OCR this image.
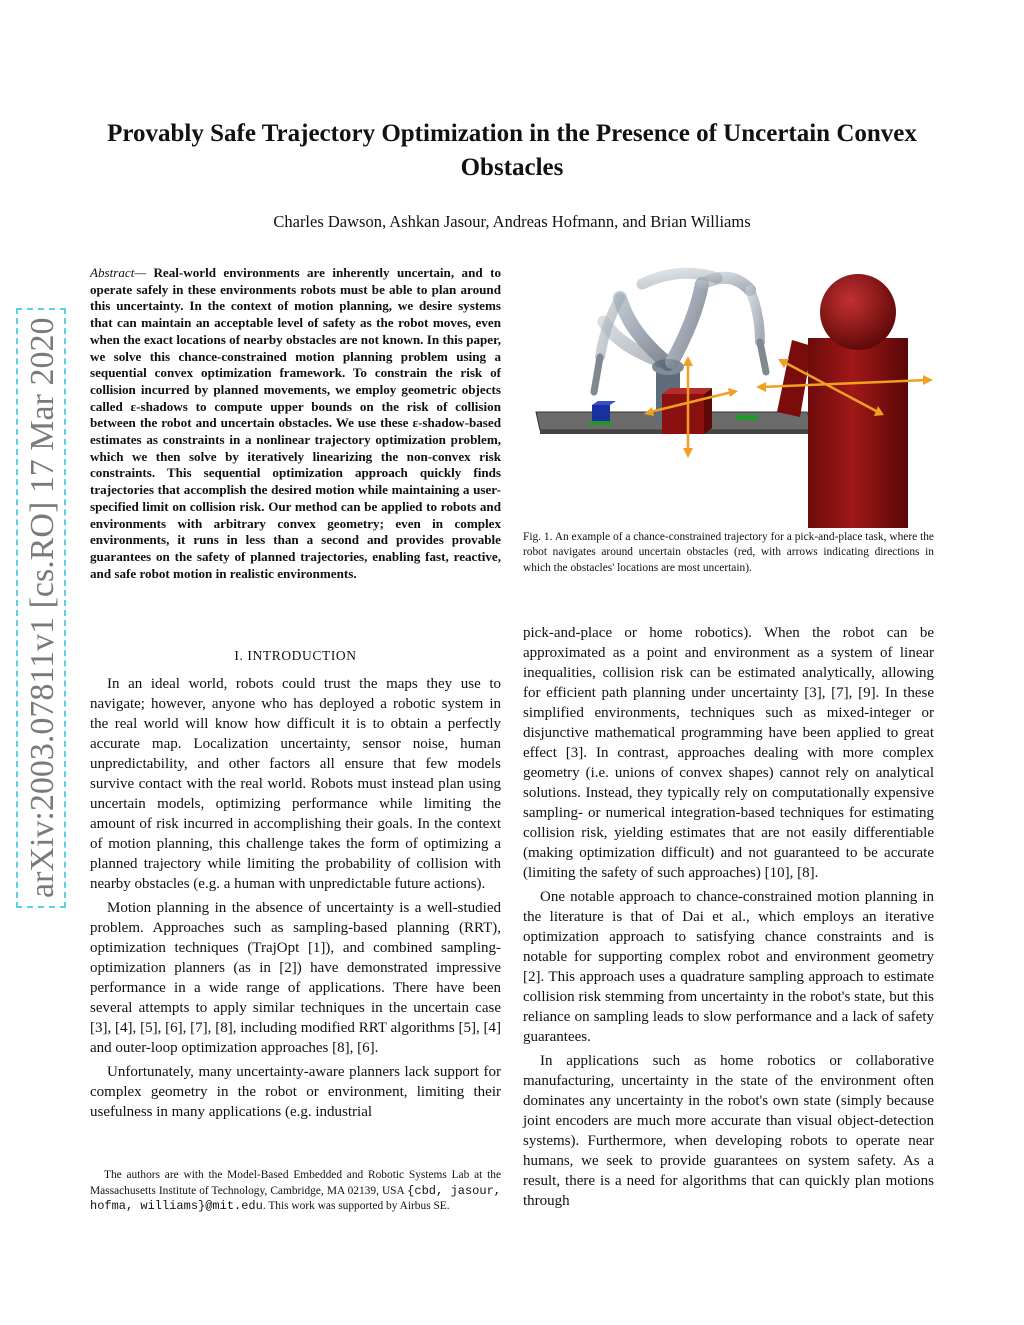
Provably Safe Trajectory Optimization in the Presence of Uncertain Convex Obstacles
Charles Dawson, Ashkan Jasour, Andreas Hofmann, and Brian Williams
arXiv:2003.07811v1 [cs.RO] 17 Mar 2020
Abstract— Real-world environments are inherently uncertain, and to operate safely in these environments robots must be able to plan around this uncertainty. In the context of motion planning, we desire systems that can maintain an acceptable level of safety as the robot moves, even when the exact locations of nearby obstacles are not known. In this paper, we solve this chance-constrained motion planning problem using a sequential convex optimization framework. To constrain the risk of collision incurred by planned movements, we employ geometric objects called ε-shadows to compute upper bounds on the risk of collision between the robot and uncertain obstacles. We use these ε-shadow-based estimates as constraints in a nonlinear trajectory optimization problem, which we then solve by iteratively linearizing the non-convex risk constraints. This sequential optimization approach quickly finds trajectories that accomplish the desired motion while maintaining a user-specified limit on collision risk. Our method can be applied to robots and environments with arbitrary convex geometry; even in complex environments, it runs in less than a second and provides provable guarantees on the safety of planned trajectories, enabling fast, reactive, and safe robot motion in realistic environments.
I. INTRODUCTION

In an ideal world, robots could trust the maps they use to navigate; however, anyone who has deployed a robotic system in the real world will know how difficult it is to obtain a perfectly accurate map. Localization uncertainty, sensor noise, human unpredictability, and other factors all ensure that few models survive contact with the real world. Robots must instead plan using uncertain models, optimizing performance while limiting the amount of risk incurred in accomplishing their goals. In the context of motion planning, this challenge takes the form of optimizing a planned trajectory while limiting the probability of collision with nearby obstacles (e.g. a human with unpredictable future actions).

Motion planning in the absence of uncertainty is a well-studied problem. Approaches such as sampling-based planning (RRT), optimization techniques (TrajOpt [1]), and combined sampling-optimization planners (as in [2]) have demonstrated impressive performance in a wide range of applications. There have been several attempts to apply similar techniques in the uncertain case [3], [4], [5], [6], [7], [8], including modified RRT algorithms [5], [4] and outer-loop optimization approaches [8], [6].

Unfortunately, many uncertainty-aware planners lack support for complex geometry in the robot or environment, limiting their usefulness in many applications (e.g. industrial

The authors are with the Model-Based Embedded and Robotic Systems Lab at the Massachusetts Institute of Technology, Cambridge, MA 02139, USA {cbd, jasour, hofma, williams}@mit.edu. This work was supported by Airbus SE.

Fig. 1. An example of a chance-constrained trajectory for a pick-and-place task, where the robot navigates around uncertain obstacles (red, with arrows indicating directions in which the obstacles' locations are most uncertain).

pick-and-place or home robotics). When the robot can be approximated as a point and environment as a system of linear inequalities, collision risk can be estimated analytically, allowing for efficient path planning under uncertainty [3], [7], [9]. In these simplified environments, techniques such as mixed-integer or disjunctive mathematical programming have been applied to great effect [3]. In contrast, approaches dealing with more complex geometry (i.e. unions of convex shapes) cannot rely on analytical solutions. Instead, they typically rely on computationally expensive sampling- or numerical integration-based techniques for estimating collision risk, yielding estimates that are not easily differentiable (making optimization difficult) and not guaranteed to be accurate (limiting the safety of such approaches) [10], [8].

One notable approach to chance-constrained motion planning in the literature is that of Dai et al., which employs an iterative optimization approach to satisfying chance constraints and is notable for supporting complex robot and environment geometry [2]. This approach uses a quadrature sampling approach to estimate collision risk stemming from uncertainty in the robot's state, but this reliance on sampling leads to slow performance and a lack of safety guarantees.

In applications such as home robotics or collaborative manufacturing, uncertainty in the state of the environment often dominates any uncertainty in the robot's own state (simply because joint encoders are much more accurate than visual object-detection systems). Furthermore, when developing robots to operate near humans, we seek to provide guarantees on system safety. As a result, there is a need for algorithms that can quickly plan motions through
